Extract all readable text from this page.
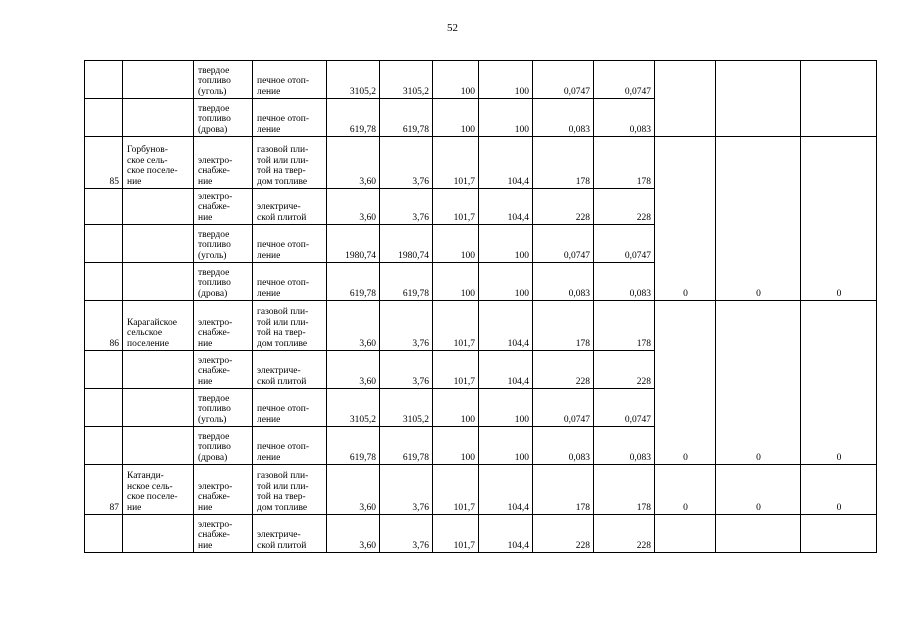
52
		твердое
топливо
(уголь)	печное отоп-
ление	3105,2	3105,2	100	100	0,0747	0,0747			
		твердое
топливо
(дрова)	печное отоп-
ление	619,78	619,78	100	100	0,083	0,083			
85	Горбунов-
ское сель-
ское поселе-
ние	электро-
снабже-
ние	газовой пли-
той или пли-
той на твер-
дом топливе	3,60	3,76	101,7	104,4	178	178	0	0	0
		электро-
снабже-
ние	электриче-
ской плитой	3,60	3,76	101,7	104,4	228	228			
		твердое
топливо
(уголь)	печное отоп-
ление	1980,74	1980,74	100	100	0,0747	0,0747			
		твердое
топливо
(дрова)	печное отоп-
ление	619,78	619,78	100	100	0,083	0,083			
86	Карагайское
сельское
поселение	электро-
снабже-
ние	газовой пли-
той или пли-
той на твер-
дом топливе	3,60	3,76	101,7	104,4	178	178	0	0	0
		электро-
снабже-
ние	электриче-
ской плитой	3,60	3,76	101,7	104,4	228	228			
		твердое
топливо
(уголь)	печное отоп-
ление	3105,2	3105,2	100	100	0,0747	0,0747			
		твердое
топливо
(дрова)	печное отоп-
ление	619,78	619,78	100	100	0,083	0,083			
87	Катанди-
нское сель-
ское поселе-
ние	электро-
снабже-
ние	газовой пли-
той или пли-
той на твер-
дом топливе	3,60	3,76	101,7	104,4	178	178	0	0	0
		электро-
снабже-
ние	электриче-
ской плитой	3,60	3,76	101,7	104,4	228	228			
